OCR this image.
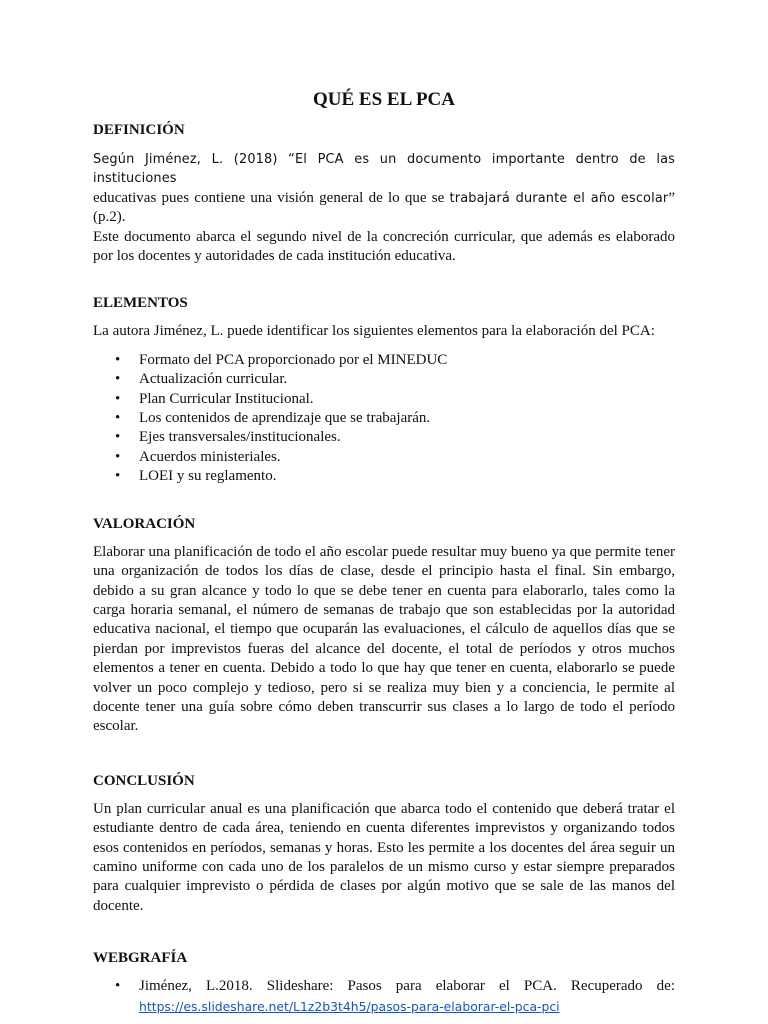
QUÉ ES EL PCA
DEFINICIÓN

Según Jiménez, L. (2018) “El PCA es un documento importante dentro de las instituciones

educativas pues contiene una visión general de lo que se trabajará durante el año escolar” (p.2).

Este documento abarca el segundo nivel de la concreción curricular, que además es elaborado por los docentes y autoridades de cada institución educativa.

ELEMENTOS

La autora Jiménez, L. puede identificar los siguientes elementos para la elaboración del PCA:

• Formato del PCA proporcionado por el MINEDUC
• Actualización curricular.
• Plan Curricular Institucional.
• Los contenidos de aprendizaje que se trabajarán.
• Ejes transversales/institucionales.
• Acuerdos ministeriales.
• LOEI y su reglamento.
VALORACIÓN

Elaborar una planificación de todo el año escolar puede resultar muy bueno ya que permite tener una organización de todos los días de clase, desde el principio hasta el final. Sin embargo, debido a su gran alcance y todo lo que se debe tener en cuenta para elaborarlo, tales como la carga horaria semanal, el número de semanas de trabajo que son establecidas por la autoridad educativa nacional, el tiempo que ocuparán las evaluaciones, el cálculo de aquellos días que se pierdan por imprevistos fueras del alcance del docente, el total de períodos y otros muchos elementos a tener en cuenta. Debido a todo lo que hay que tener en cuenta, elaborarlo se puede volver un poco complejo y tedioso, pero si se realiza muy bien y a conciencia, le permite al docente tener una guía sobre cómo deben transcurrir sus clases a lo largo de todo el período escolar.

CONCLUSIÓN

Un plan curricular anual es una planificación que abarca todo el contenido que deberá tratar el estudiante dentro de cada área, teniendo en cuenta diferentes imprevistos y organizando todos esos contenidos en períodos, semanas y horas. Esto les permite a los docentes del área seguir un camino uniforme con cada uno de los paralelos de un mismo curso y estar siempre preparados para cualquier imprevisto o pérdida de clases por algún motivo que se sale de las manos del docente.

WEBGRAFÍA
• Jiménez, L.2018. Slideshare: Pasos para elaborar el PCA. Recuperado de:

https://es.slideshare.net/L1z2b3t4h5/pasos-para-elaborar-el-pca-pci
